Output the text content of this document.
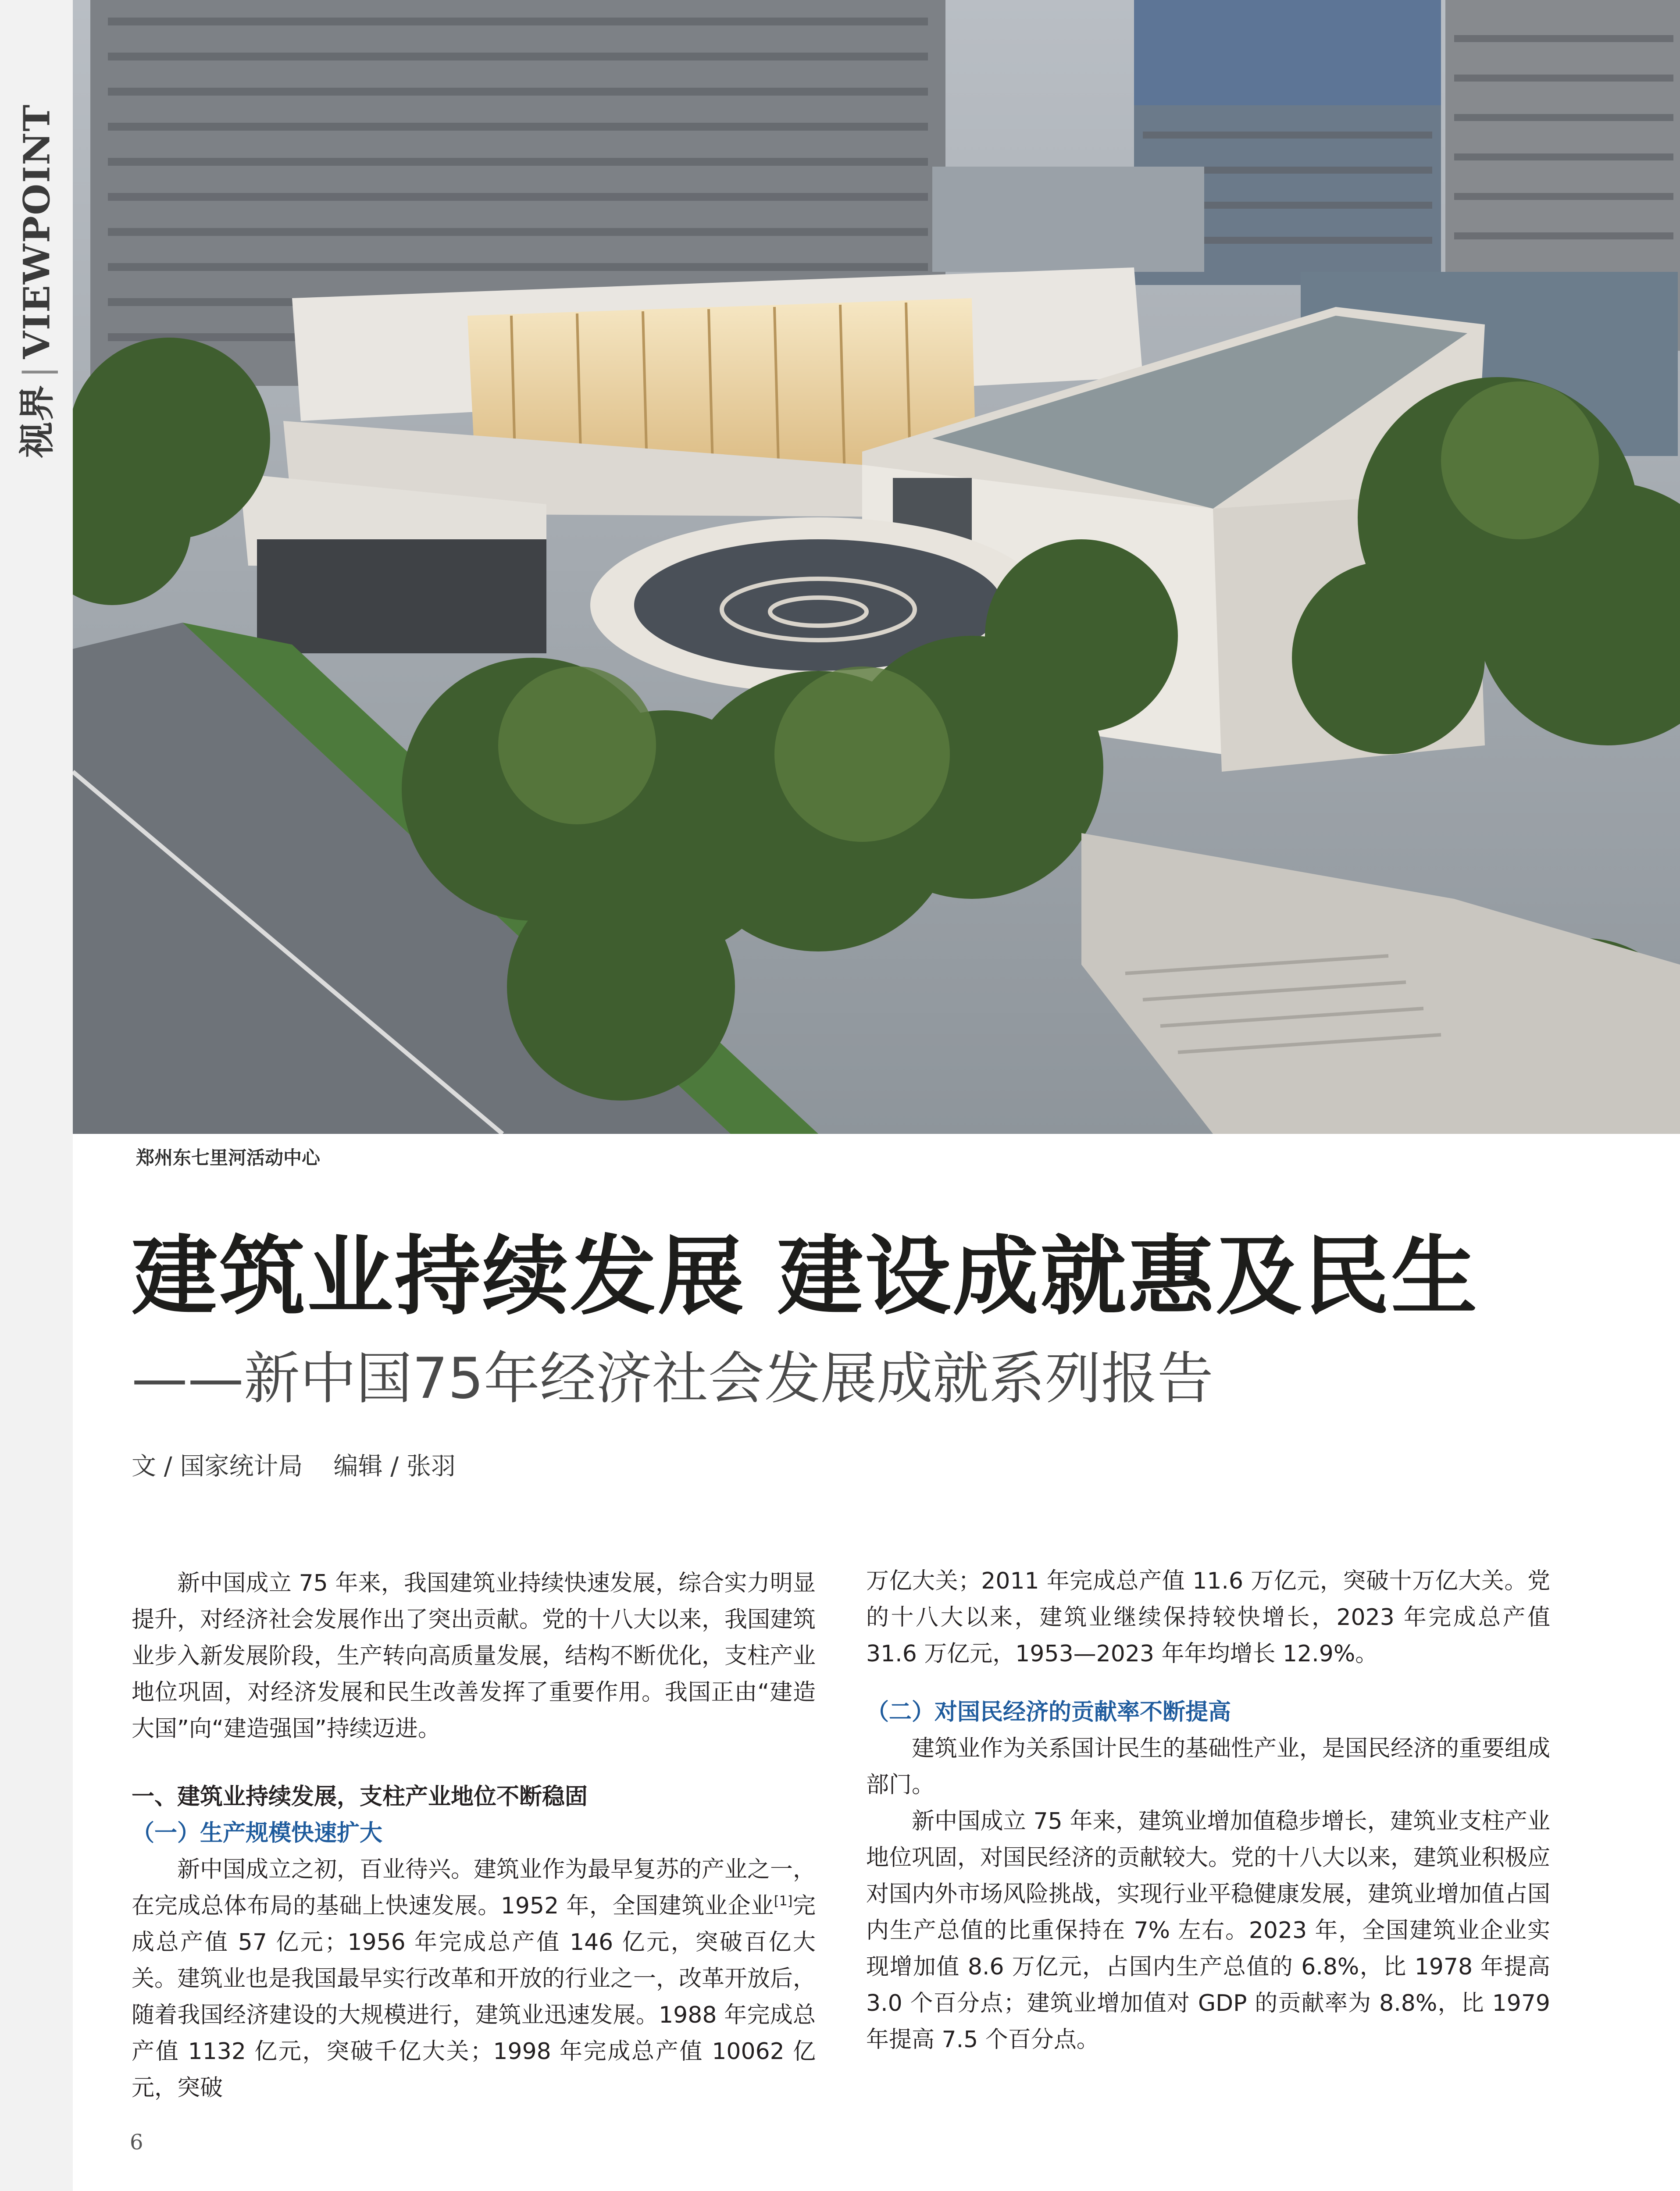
视界|VIEWPOINT
郑州东七里河活动中心
建筑业持续发展 建设成就惠及民生
——新中国75年经济社会发展成就系列报告
文 / 国家统计局 编辑 / 张羽

新中国成立 75 年来，我国建筑业持续快速发展，综合实力明显提升，对经济社会发展作出了突出贡献。党的十八大以来，我国建筑业步入新发展阶段，生产转向高质量发展，结构不断优化，支柱产业地位巩固，对经济发展和民生改善发挥了重要作用。我国正由“建造大国”向“建造强国”持续迈进。

一、建筑业持续发展，支柱产业地位不断稳固
（一）生产规模快速扩大

新中国成立之初，百业待兴。建筑业作为最早复苏的产业之一，在完成总体布局的基础上快速发展。1952 年，全国建筑业企业[1]完成总产值 57 亿元；1956 年完成总产值 146 亿元，突破百亿大关。建筑业也是我国最早实行改革和开放的行业之一，改革开放后，随着我国经济建设的大规模进行，建筑业迅速发展。1988 年完成总产值 1132 亿元，突破千亿大关；1998 年完成总产值 10062 亿元，突破

万亿大关；2011 年完成总产值 11.6 万亿元，突破十万亿大关。党的十八大以来，建筑业继续保持较快增长，2023 年完成总产值 31.6 万亿元，1953—2023 年年均增长 12.9%。

（二）对国民经济的贡献率不断提高

建筑业作为关系国计民生的基础性产业，是国民经济的重要组成部门。

新中国成立 75 年来，建筑业增加值稳步增长，建筑业支柱产业地位巩固，对国民经济的贡献较大。党的十八大以来，建筑业积极应对国内外市场风险挑战，实现行业平稳健康发展，建筑业增加值占国内生产总值的比重保持在 7% 左右。2023 年，全国建筑业企业实现增加值 8.6 万亿元，占国内生产总值的 6.8%，比 1978 年提高 3.0 个百分点；建筑业增加值对 GDP 的贡献率为 8.8%，比 1979 年提高 7.5 个百分点。

6
